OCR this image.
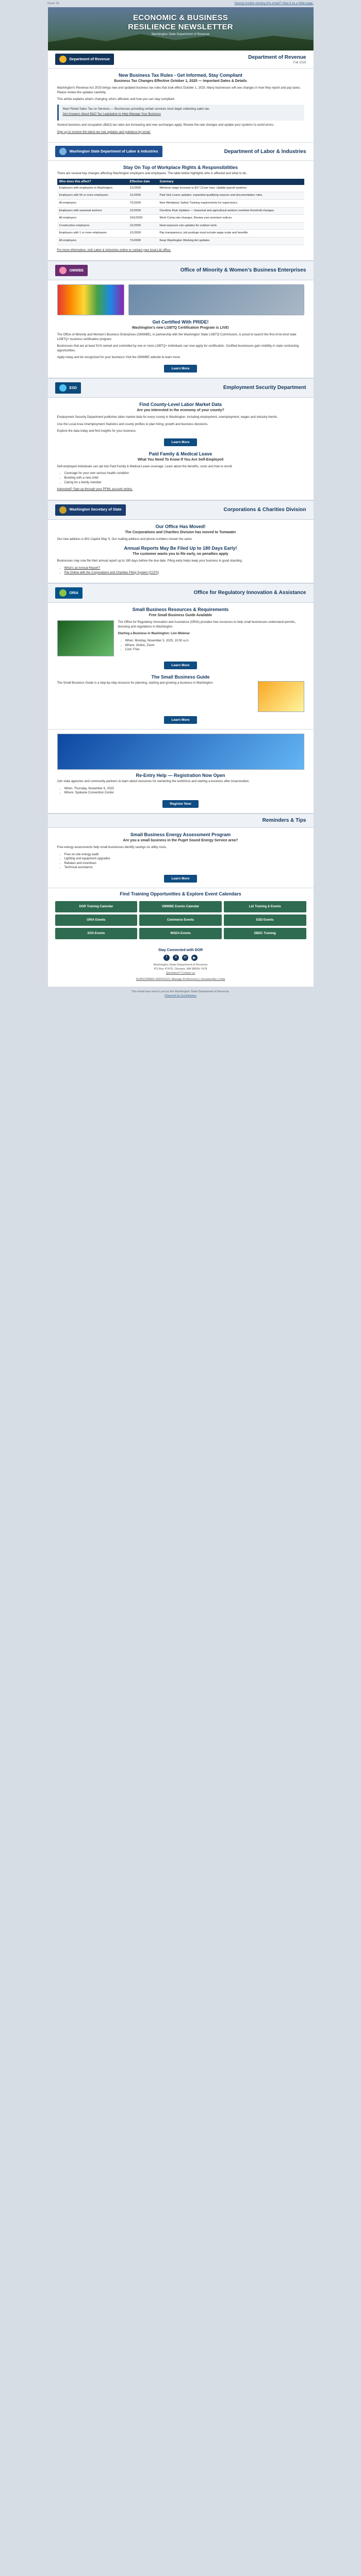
Issue 16	Having trouble viewing this email? View it as a Web page.
ECONOMIC & BUSINESS
RESILIENCE NEWSLETTER
Washington State Department of Revenue
Department of Revenue	Department of Revenue
Fall 2025
New Business Tax Rules - Get Informed, Stay Compliant
Business Tax Changes Effective October 1, 2025 — Important Dates & Details

Washington's Revenue Act 2025 brings new and updated business tax rules that took effect October 1, 2025. Many businesses will see changes in how they report and pay taxes. Please review the updates carefully.

This article explains what's changing, who's affected, and how you can stay compliant.

New! Retail Sales Tax on Services — Businesses providing certain services must begin collecting sales tax.

Get Answers About B&O Tax Legislation to Help Manage Your Business

Several business and occupation (B&O) tax rates are increasing and new surcharges apply. Review the rate changes and update your systems to avoid errors.

Sign up to receive the latest tax rule updates and guidance by email.

Washington State Department of Labor & Industries	Department of Labor & Industries
Stay On Top of Workplace Rights & Responsibilities

There are several key changes affecting Washington employers and employees. The table below highlights who is affected and what to do.

Who does this affect?	Effective date	Summary
Employers with employees in Washington	1/1/2026	Minimum wage increase to $17.13 per hour. Update payroll systems.
Employers with 50 or more employees	1/1/2026	Paid Sick Leave updates: expanded qualifying reasons and documentation rules.
All employers	7/1/2026	New Workplace Safety Training requirements for supervisors.
Employers with seasonal workers	1/1/2026	Overtime Rule Updates — Seasonal and agricultural workers overtime threshold changes.
All employers	10/1/2025	Work Comp rate changes. Review your premium notices.
Construction employers	1/1/2026	Heat exposure rule updates for outdoor work.
Employers with 1 or more employees	1/1/2026	Pay transparency: job postings must include wage scale and benefits.
All employers	7/1/2026	Keep Washington Working Act updates.

For more information, visit Labor & Industries online or contact your local L&I office.

OMWBE	Office of Minority & Women's Business Enterprises
Get Certified With PRIDE!
Washington's new LGBTQ Certification Program is LIVE!

The Office of Minority and Women's Business Enterprises (OMWBE), in partnership with the Washington State LGBTQ Commission, is proud to launch the first-of-its-kind state LGBTQ+ business certification program.

Businesses that are at least 51% owned and controlled by one or more LGBTQ+ individuals can now apply for certification. Certified businesses gain visibility in state contracting opportunities.

Apply today and be recognized for your business! Visit the OMWBE website to learn more.

Learn More
ESD	Employment Security Department
Find County-Level Labor Market Data
Are you interested in the economy of your county?

Employment Security Department publishes labor market data for every county in Washington, including employment, unemployment, wages and industry trends.

Use the Local Area Unemployment Statistics and county profiles to plan hiring, growth and business decisions.

Explore the data today and find insights for your business.

Learn More
Paid Family & Medical Leave
What You Need To Know If You Are Self-Employed

Self-employed individuals can opt into Paid Family & Medical Leave coverage. Learn about the benefits, costs and how to enroll.

• Coverage for your own serious health condition
• Bonding with a new child
• Caring for a family member

Interested? Sign up through your PFML account online.

Washington Secretary of State	Corporations & Charities Division
Our Office Has Moved!
The Corporations and Charities Division has moved to Tumwater

Our new address is 801 Capitol Way S. Our mailing address and phone numbers remain the same.

Annual Reports May Be Filed Up to 180 Days Early!
The customer wants you to file early, no penalties apply

Businesses may now file their annual report up to 180 days before the due date. Filing early helps keep your business in good standing.

• What's an Annual Report?
• File Online with the Corporations and Charities Filing System (CCFS)
ORIA	Office for Regulatory Innovation & Assistance
Small Business Resources & Requirements
Free Small Business Guide Available

The Office for Regulatory Innovation and Assistance (ORIA) provides free resources to help small businesses understand permits, licensing and regulations in Washington.

Starting a Business in Washington: Live Webinar

• When: Monday, November 3, 2025, 10:00 a.m.
• Where: Online, Zoom
• Cost: Free
Learn More
The Small Business Guide

The Small Business Guide is a step-by-step resource for planning, starting and growing a business in Washington.

Learn More
Re-Entry Help — Registration Now Open

Join state agencies and community partners to learn about resources for reentering the workforce and starting a business after incarceration.

• When: Thursday, November 6, 2025
• Where: Spokane Convention Center
Register Now
Reminders & Tips
Small Business Energy Assessment Program
Are you a small business in the Puget Sound Energy Service area?

Free energy assessments help small businesses identify savings on utility costs.

• Free on-site energy audit
• Lighting and equipment upgrades
• Rebates and incentives
• Technical assistance
Learn More
Find Training Opportunities & Explore Event Calendars
DOR Training Calendar	OMWBE Events Calendar	L&I Training & Events
ORIA Events	Commerce Events	ESD Events
SOS Events	WSDA Events	SBDC Training

Stay Connected with DOR

f	X	in	▶

Washington State Department of Revenue

PO Box 47478, Olympia, WA 98504-7478

Questions? Contact us

SUBSCRIBER SERVICES: Manage Preferences | Unsubscribe | Help

This email was sent to you by the Washington State Department of Revenue.
Powered by GovDelivery
